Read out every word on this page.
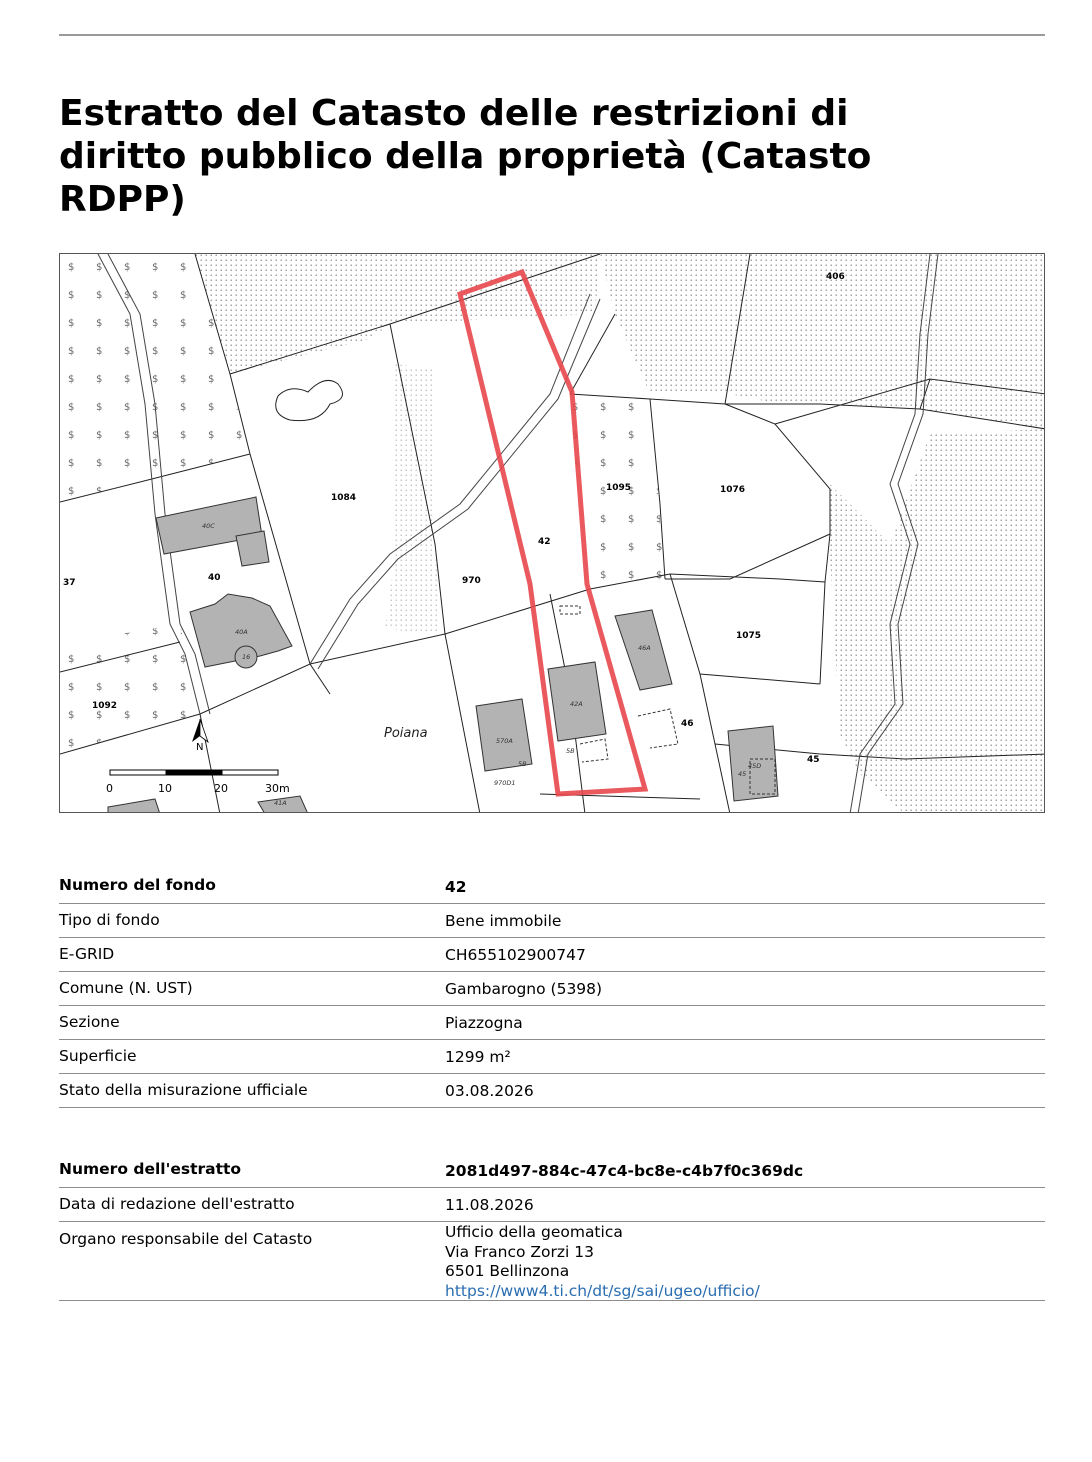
Estratto del Catasto delle restrizioni di diritto pubblico della proprietà (Catasto RDPP)
406
1084
1095	1076
42
40	970
37
1075
1092
46
45
40C
40A
16
46A
42A
5B
570A
5B
970D1
45D
45
41A
Poiana
N
0	10	20	30m
Numero del fondo	42
Tipo di fondo	Bene immobile
E-GRID	CH655102900747
Comune (N. UST)	Gambarogno (5398)
Sezione	Piazzogna
Superficie	1299 m²
Stato della misurazione ufficiale	03.08.2026
Numero dell'estratto	2081d497-884c-47c4-bc8e-c4b7f0c369dc
Data di redazione dell'estratto	11.08.2026
Organo responsabile del Catasto	Ufficio della geomatica
Via Franco Zorzi 13
6501 Bellinzona
https://www4.ti.ch/dt/sg/sai/ugeo/ufficio/
